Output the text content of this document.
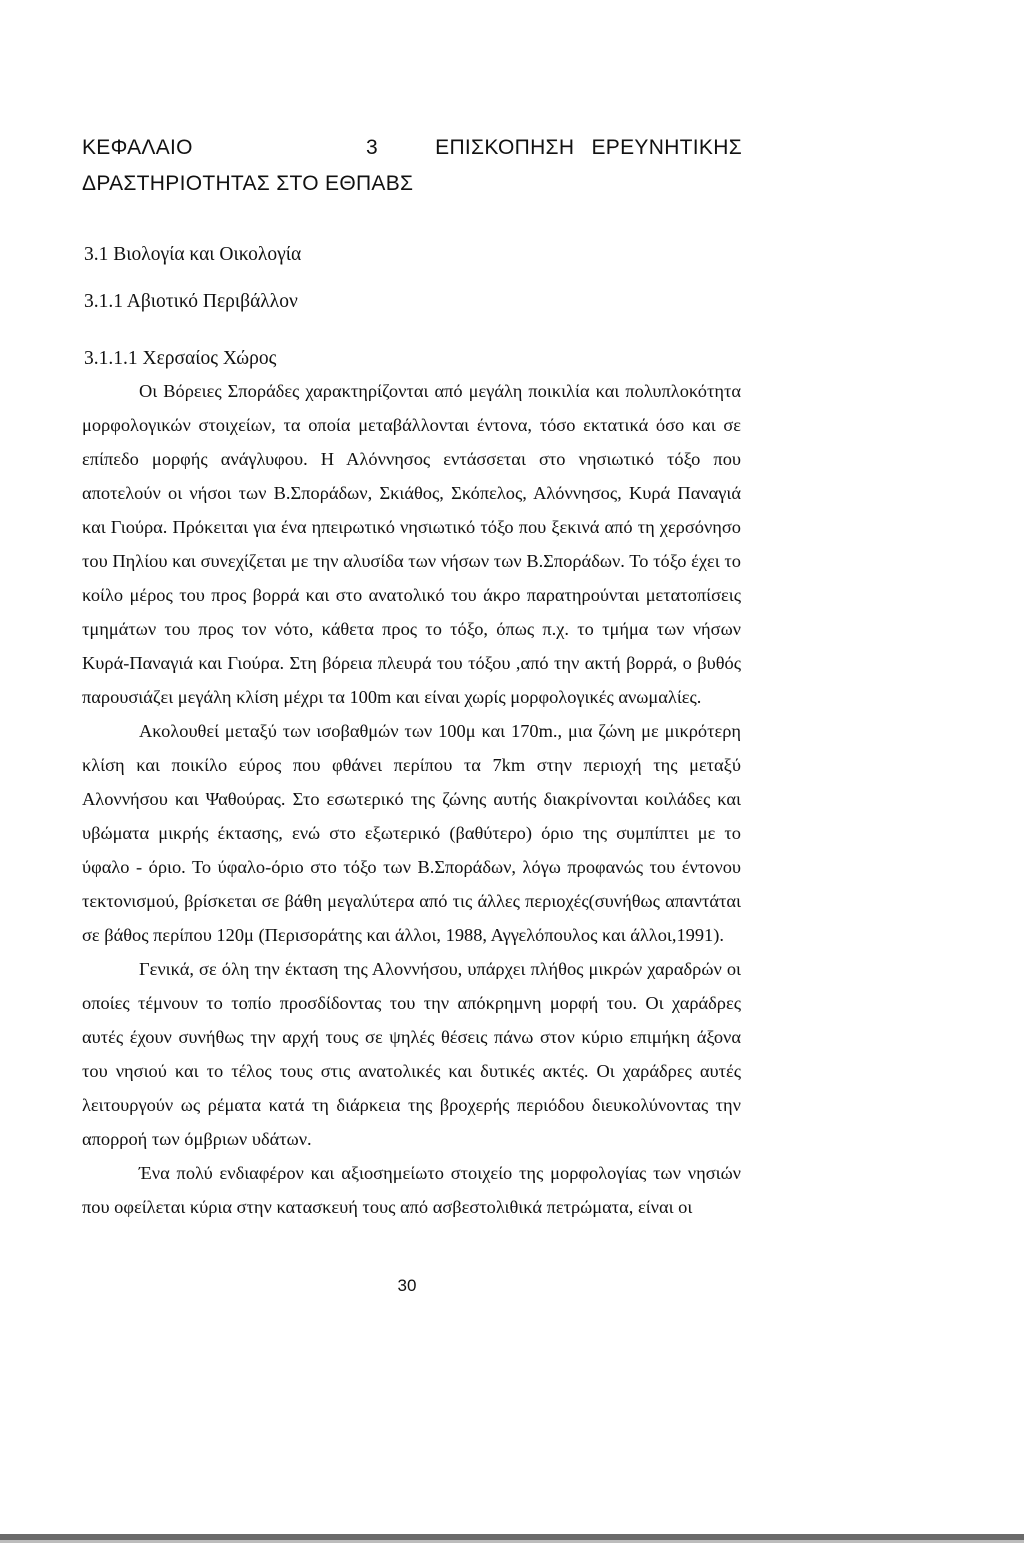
ΚΕΦΑΛΑΙΟ	3	ΕΠΙΣΚΟΠΗΣΗ ΕΡΕΥΝΗΤΙΚΗΣ
ΔΡΑΣΤΗΡΙΟΤΗΤΑΣ ΣΤΟ ΕΘΠΑΒΣ
3.1 Βιολογία και Οικολογία
3.1.1 Αβιοτικό Περιβάλλον
3.1.1.1 Χερσαίος Χώρος

Οι Βόρειες Σποράδες χαρακτηρίζονται από μεγάλη ποικιλία και πολυπλοκότητα μορφολογικών στοιχείων, τα οποία μεταβάλλονται έντονα, τόσο εκτατικά όσο και σε επίπεδο μορφής ανάγλυφου. Η Αλόννησος εντάσσεται στο νησιωτικό τόξο που αποτελούν οι νήσοι των Β.Σποράδων, Σκιάθος, Σκόπελος, Αλόννησος, Κυρά Παναγιά και Γιούρα. Πρόκειται για ένα ηπειρωτικό νησιωτικό τόξο που ξεκινά από τη χερσόνησο του Πηλίου και συνεχίζεται με την αλυσίδα των νήσων των Β.Σποράδων. Το τόξο έχει το κοίλο μέρος του προς βορρά και στο ανατολικό του άκρο παρατηρούνται μετατοπίσεις τμημάτων του προς τον νότο, κάθετα προς το τόξο, όπως π.χ. το τμήμα των νήσων Κυρά-Παναγιά και Γιούρα. Στη βόρεια πλευρά του τόξου ,από την ακτή βορρά, ο βυθός παρουσιάζει μεγάλη κλίση μέχρι τα 100m και είναι χωρίς μορφολογικές ανωμαλίες.

Ακολουθεί μεταξύ των ισοβαθμών των 100μ και 170m., μια ζώνη με μικρότερη κλίση και ποικίλο εύρος που φθάνει περίπου τα 7km στην περιοχή της μεταξύ Αλοννήσου και Ψαθούρας. Στο εσωτερικό της ζώνης αυτής διακρίνονται κοιλάδες και υβώματα μικρής έκτασης, ενώ στο εξωτερικό (βαθύτερο) όριο της συμπίπτει με το ύφαλο - όριο. Το ύφαλο-όριο στο τόξο των Β.Σποράδων, λόγω προφανώς του έντονου τεκτονισμού, βρίσκεται σε βάθη μεγαλύτερα από τις άλλες περιοχές(συνήθως απαντάται σε βάθος περίπου 120μ (Περισοράτης και άλλοι, 1988, Αγγελόπουλος και άλλοι,1991).

Γενικά, σε όλη την έκταση της Αλοννήσου, υπάρχει πλήθος μικρών χαραδρών οι οποίες τέμνουν το τοπίο προσδίδοντας του την απόκρημνη μορφή του. Οι χαράδρες αυτές έχουν συνήθως την αρχή τους σε ψηλές θέσεις πάνω στον κύριο επιμήκη άξονα του νησιού και το τέλος τους στις ανατολικές και δυτικές ακτές. Οι χαράδρες αυτές λειτουργούν ως ρέματα κατά τη διάρκεια της βροχερής περιόδου διευκολύνοντας την απορροή των όμβριων υδάτων.

Ένα πολύ ενδιαφέρον και αξιοσημείωτο στοιχείο της μορφολογίας των νησιών που οφείλεται κύρια στην κατασκευή τους από ασβεστολιθικά πετρώματα, είναι οι

30
